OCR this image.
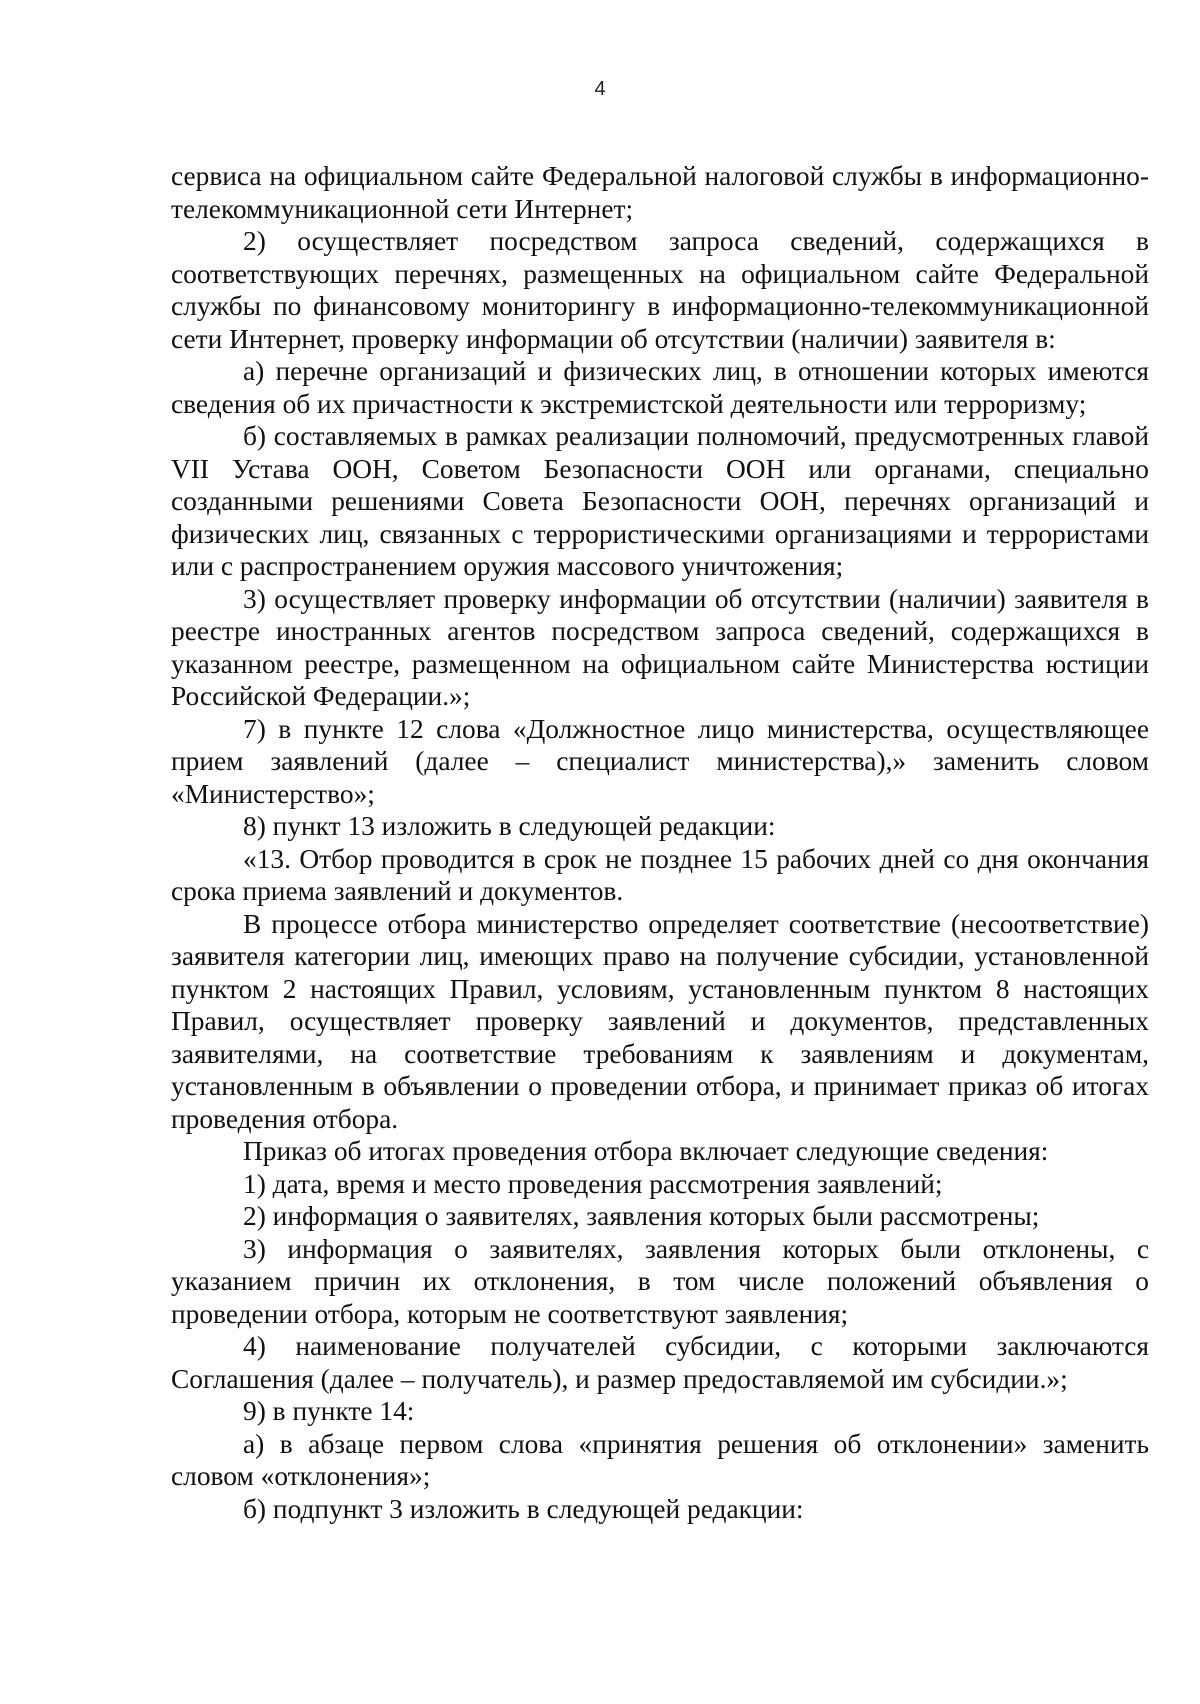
4

сервиса на официальном сайте Федеральной налоговой службы в информационно-телекоммуникационной сети Интернет;

2) осуществляет посредством запроса сведений, содержащихся в соответствующих перечнях, размещенных на официальном сайте Федеральной службы по финансовому мониторингу в информационно-телекоммуникационной сети Интернет, проверку информации об отсутствии (наличии) заявителя в:

а) перечне организаций и физических лиц, в отношении которых имеются сведения об их причастности к экстремистской деятельности или терроризму;

б) составляемых в рамках реализации полномочий, предусмотренных главой VII Устава ООН, Советом Безопасности ООН или органами, специально созданными решениями Совета Безопасности ООН, перечнях организаций и физических лиц, связанных с террористическими организациями и террористами или с распространением оружия массового уничтожения;

3) осуществляет проверку информации об отсутствии (наличии) заявителя в реестре иностранных агентов посредством запроса сведений, содержащихся в указанном реестре, размещенном на официальном сайте Министерства юстиции Российской Федерации.»;

7) в пункте 12 слова «Должностное лицо министерства, осуществляющее прием заявлений (далее – специалист министерства),» заменить словом «Министерство»;

8) пункт 13 изложить в следующей редакции:

«13. Отбор проводится в срок не позднее 15 рабочих дней со дня окончания срока приема заявлений и документов.

В процессе отбора министерство определяет соответствие (несоответствие) заявителя категории лиц, имеющих право на получение субсидии, установленной пунктом 2 настоящих Правил, условиям, установленным пунктом 8 настоящих Правил, осуществляет проверку заявлений и документов, представленных заявителями, на соответствие требованиям к заявлениям и документам, установленным в объявлении о проведении отбора, и принимает приказ об итогах проведения отбора.

Приказ об итогах проведения отбора включает следующие сведения:

1) дата, время и место проведения рассмотрения заявлений;

2) информация о заявителях, заявления которых были рассмотрены;

3) информация о заявителях, заявления которых были отклонены, с указанием причин их отклонения, в том числе положений объявления о проведении отбора, которым не соответствуют заявления;

4) наименование получателей субсидии, с которыми заключаются Соглашения (далее – получатель), и размер предоставляемой им субсидии.»;

9) в пункте 14:

а) в абзаце первом слова «принятия решения об отклонении» заменить словом «отклонения»;

б) подпункт 3 изложить в следующей редакции:
